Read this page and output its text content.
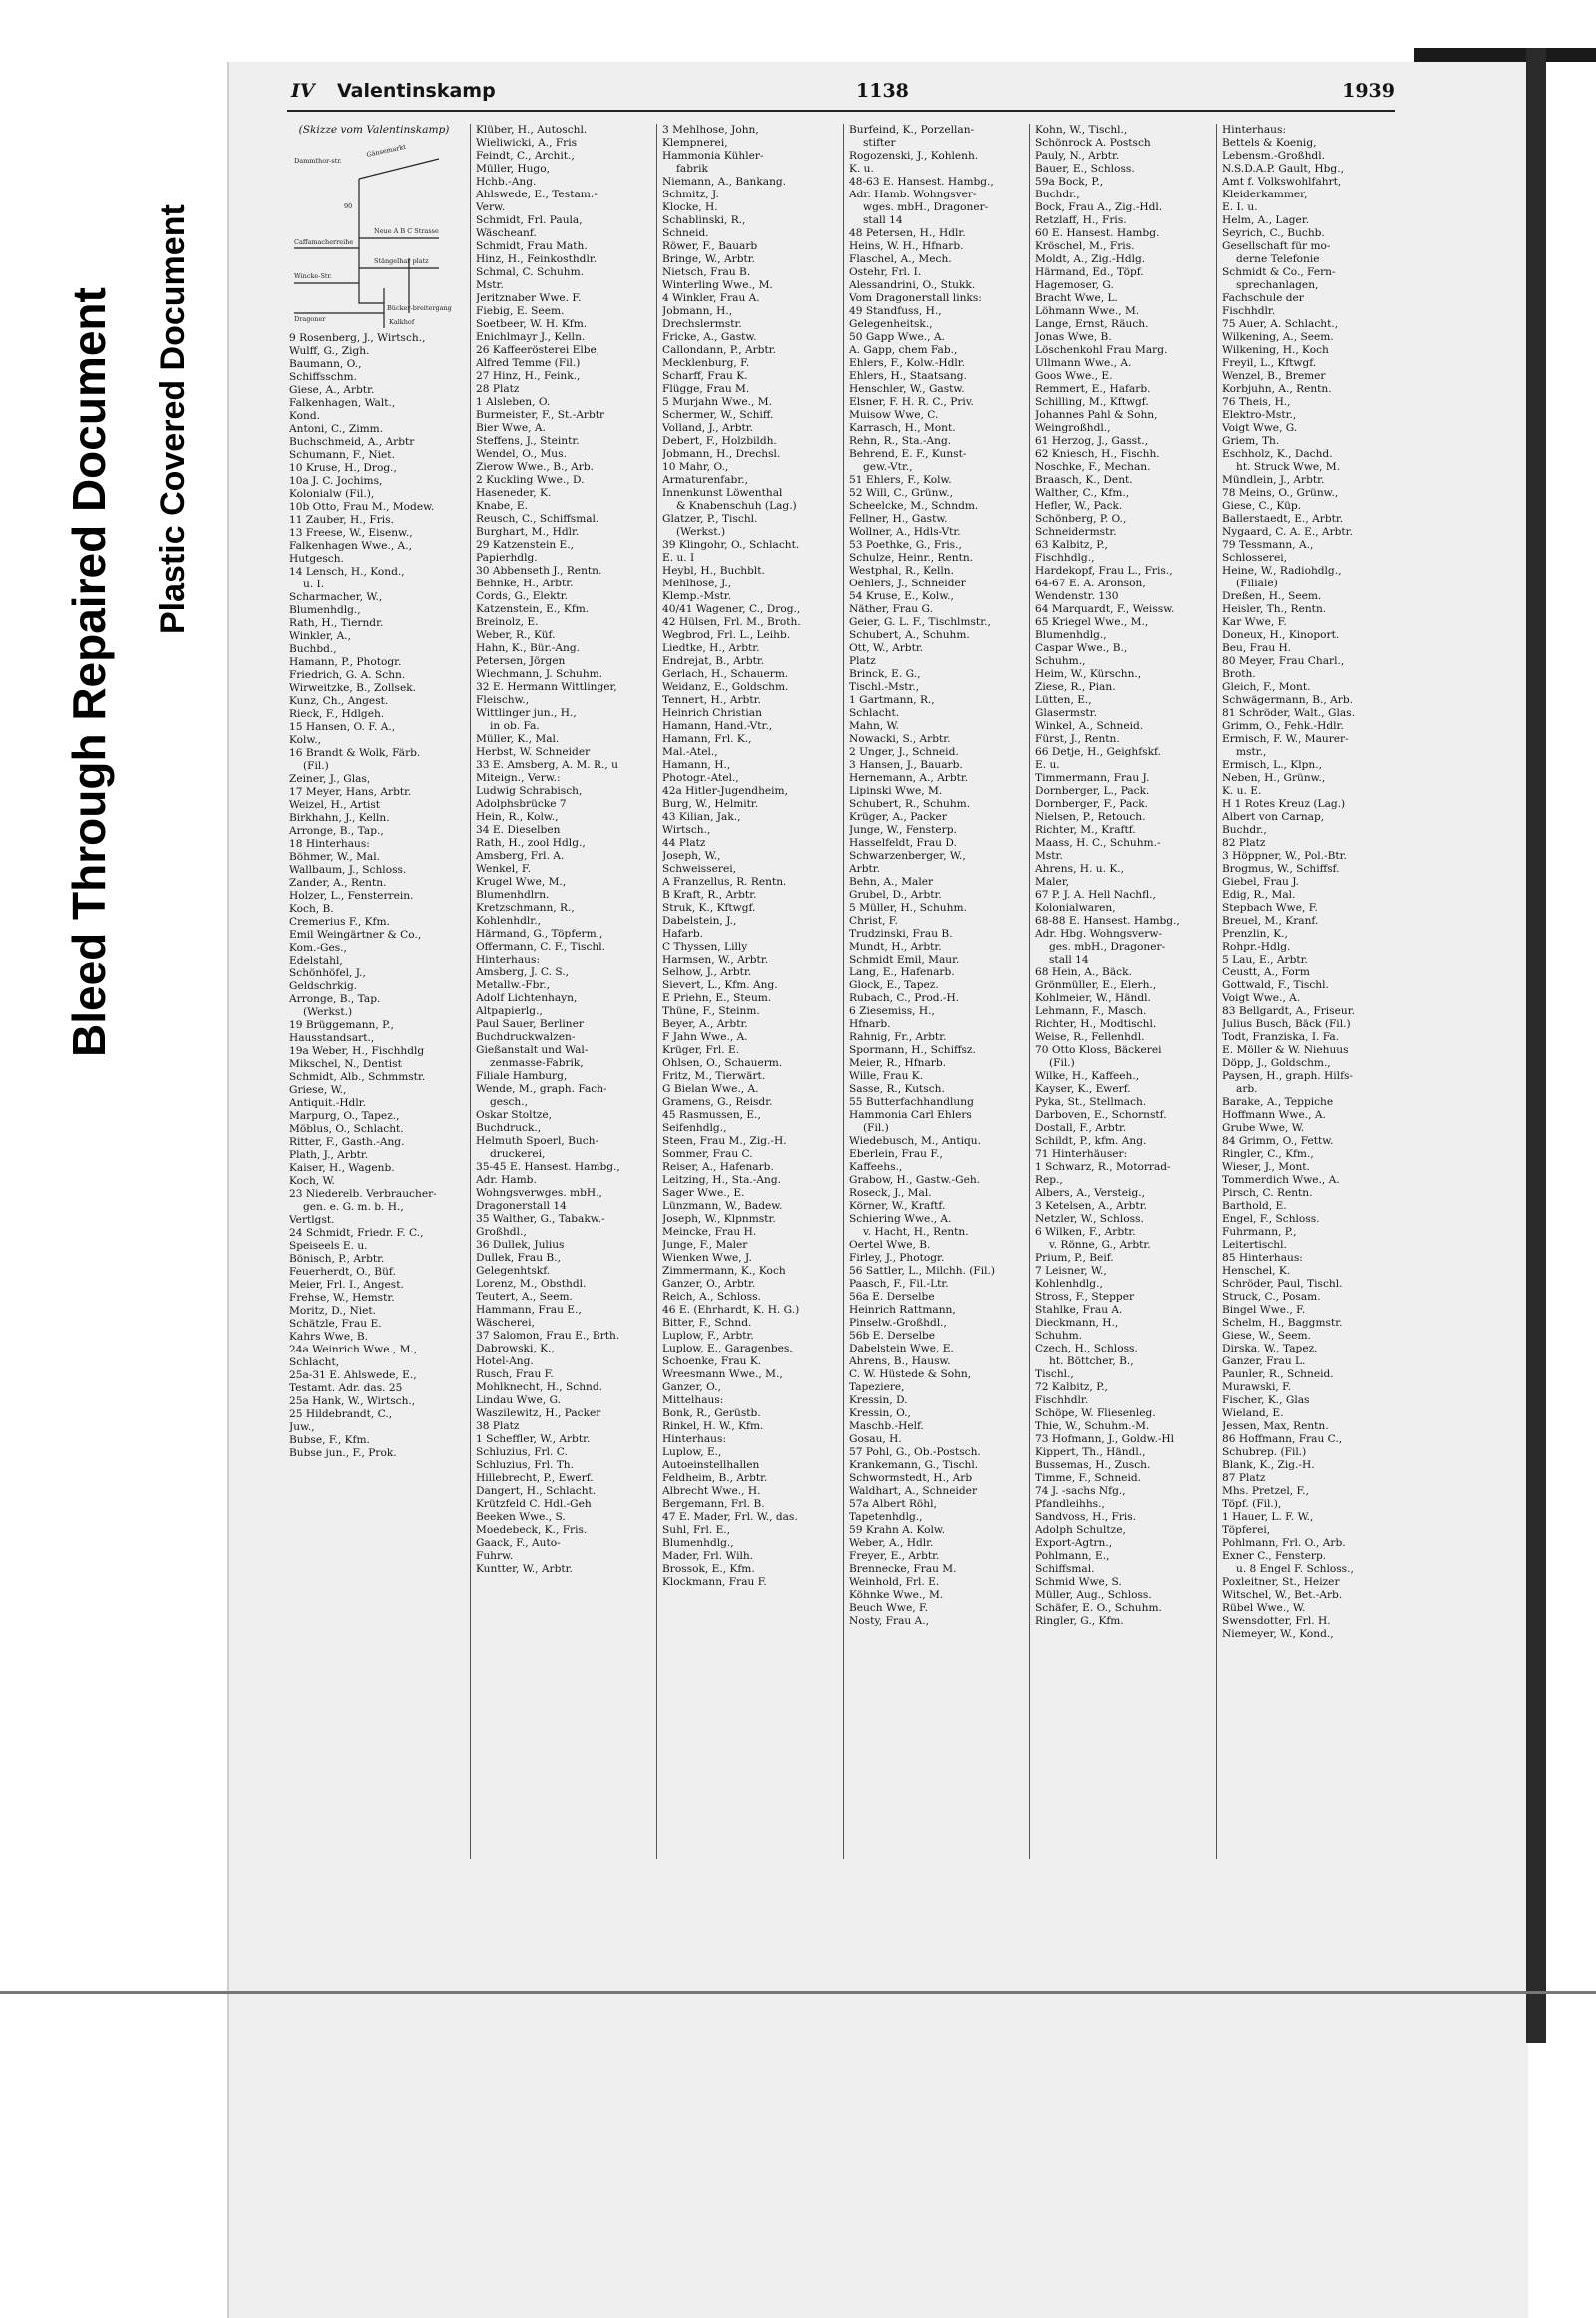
Bleed Through Repaired Document Plastic Covered Document
IV Valentinskamp	1138	1939
(Skizze vom Valentinskamp)
Dammthor-str.
Gänsemarkt
90
Neue A B C Strasse
Stängelhar platz
Caffamacherreihe
Wincke-Str.
Dragoner
Bücker-breitergang
Kalkhof
9 Rosenberg, J., Wirtsch.,
Wulff, G., Zigh.
Baumann, O.,
Schiffsschm.
Giese, A., Arbtr.
Falkenhagen, Walt.,
Kond.
Antoni, C., Zimm.
Buchschmeid, A., Arbtr
Schumann, F., Niet.
10 Kruse, H., Drog.,
10a J. C. Jochims,
Kolonialw (Fil.),
10b Otto, Frau M., Modew.
11 Zauber, H., Fris.
13 Freese, W., Eisenw.,
Falkenhagen Wwe., A.,
Hutgesch.
14 Lensch, H., Kond.,
u. I.
Scharmacher, W.,
Blumenhdlg.,
Rath, H., Tierndr.
Winkler, A.,
Buchbd.,
Hamann, P., Photogr.
Friedrich, G. A. Schn.
Wirweitzke, B., Zollsek.
Kunz, Ch., Angest.
Rieck, F., Hdlgeh.
15 Hansen, O. F. A.,
Kolw.,
16 Brandt & Wolk, Färb.
(Fil.)
Zeiner, J., Glas,
17 Meyer, Hans, Arbtr.
Weizel, H., Artist
Birkhahn, J., Kelln.
Arronge, B., Tap.,
18 Hinterhaus:
Böhmer, W., Mal.
Wallbaum, J., Schloss.
Zander, A., Rentn.
Holzer, L., Fensterrein.
Koch, B.
Cremerius F., Kfm.
Emil Weingärtner & Co.,
Kom.-Ges.,
Edelstahl,
Schönhöfel, J.,
Geldschrkig.
Arronge, B., Tap.
(Werkst.)
19 Brüggemann, P.,
Hausstandsart.,
19a Weber, H., Fischhdlg
Mikschel, N., Dentist
Schmidt, Alb., Schmmstr.
Griese, W.,
Antiquit.-Hdlr.
Marpurg, O., Tapez.,
Möblus, O., Schlacht.
Ritter, F., Gasth.-Ang.
Plath, J., Arbtr.
Kaiser, H., Wagenb.
Koch, W.
23 Niederelb. Verbraucher-
gen. e. G. m. b. H.,
Vertlgst.
24 Schmidt, Friedr. F. C.,
Speiseels E. u.
Bönisch, P., Arbtr.
Feuerherdt, O., Büf.
Meier, Frl. I., Angest.
Frehse, W., Hemstr.
Moritz, D., Niet.
Schätzle, Frau E.
Kahrs Wwe, B.
24a Weinrich Wwe., M.,
Schlacht,
25a-31 E. Ahlswede, E.,
Testamt. Adr. das. 25
25a Hank, W., Wirtsch.,
25 Hildebrandt, C.,
Juw.,
Bubse, F., Kfm.
Bubse jun., F., Prok.
Klüber, H., Autoschl.
Wieliwicki, A., Fris
Feindt, C., Archit.,
Müller, Hugo,
Hchb.-Ang.
Ahlswede, E., Testam.-
Verw.
Schmidt, Frl. Paula,
Wäscheanf.
Schmidt, Frau Math.
Hinz, H., Feinkosthdlr.
Schmal, C. Schuhm.
Mstr.
Jeritznaber Wwe. F.
Fiebig, E. Seem.
Soetbeer, W. H. Kfm.
Enichlmayr J., Kelln.
26 Kaffeerösterei Elbe,
Alfred Temme (Fil.)
27 Hinz, H., Feink.,
28 Platz
1 Alsleben, O.
Burmeister, F., St.-Arbtr
Bier Wwe, A.
Steffens, J., Steintr.
Wendel, O., Mus.
Zierow Wwe., B., Arb.
2 Kuckling Wwe., D.
Haseneder, K.
Knabe, E.
Reusch, C., Schiffsmal.
Burghart, M., Hdlr.
29 Katzenstein E.,
Papierhdlg.
30 Abbenseth J., Rentn.
Behnke, H., Arbtr.
Cords, G., Elektr.
Katzenstein, E., Kfm.
Breinolz, E.
Weber, R., Küf.
Hahn, K., Bür.-Ang.
Petersen, Jörgen
Wiechmann, J. Schuhm.
32 E. Hermann Wittlinger,
Fleischw.,
Wittlinger jun., H.,
in ob. Fa.
Müller, K., Mal.
Herbst, W. Schneider
33 E. Amsberg, A. M. R., u
Miteign., Verw.:
Ludwig Schrabisch,
Adolphsbrücke 7
Hein, R., Kolw.,
34 E. Dieselben
Rath, H., zool Hdlg.,
Amsberg, Frl. A.
Wenkel, F.
Krugel Wwe, M.,
Blumenhdlrn.
Kretzschmann, R.,
Kohlenhdlr.,
Härmand, G., Töpferm.,
Offermann, C. F., Tischl.
Hinterhaus:
Amsberg, J. C. S.,
Metallw.-Fbr.,
Adolf Lichtenhayn,
Altpapierlg.,
Paul Sauer, Berliner
Buchdruckwalzen-
Gießanstalt und Wal-
zenmasse-Fabrik,
Filiale Hamburg,
Wende, M., graph. Fach-
gesch.,
Oskar Stoltze,
Buchdruck.,
Helmuth Spoerl, Buch-
druckerei,
35-45 E. Hansest. Hambg.,
Adr. Hamb.
Wohngsverwges. mbH.,
Dragonerstall 14
35 Walther, G., Tabakw.-
Großhdl.,
36 Dullek, Julius
Dullek, Frau B.,
Gelegenhtskf.
Lorenz, M., Obsthdl.
Teutert, A., Seem.
Hammann, Frau E.,
Wäscherei,
37 Salomon, Frau E., Brth.
Dabrowski, K.,
Hotel-Ang.
Rusch, Frau F.
Mohlknecht, H., Schnd.
Lindau Wwe, G.
Waszilewitz, H., Packer
38 Platz
1 Scheffler, W., Arbtr.
Schluzius, Frl. C.
Schluzius, Frl. Th.
Hillebrecht, P., Ewerf.
Dangert, H., Schlacht.
Krützfeld C. Hdl.-Geh
Beeken Wwe., S.
Moedebeck, K., Fris.
Gaack, F., Auto-
Fuhrw.
Kuntter, W., Arbtr.
3 Mehlhose, John,
Klempnerei,
Hammonia Kühler-
fabrik
Niemann, A., Bankang.
Schmitz, J.
Klocke, H.
Schablinski, R.,
Schneid.
Röwer, F., Bauarb
Bringe, W., Arbtr.
Nietsch, Frau B.
Winterling Wwe., M.
4 Winkler, Frau A.
Jobmann, H.,
Drechslermstr.
Fricke, A., Gastw.
Callondann, P., Arbtr.
Mecklenburg, F.
Scharff, Frau K.
Flügge, Frau M.
5 Murjahn Wwe., M.
Schermer, W., Schiff.
Volland, J., Arbtr.
Debert, F., Holzbildh.
Jobmann, H., Drechsl.
10 Mahr, O.,
Armaturenfabr.,
Innenkunst Löwenthal
& Knabenschuh (Lag.)
Glatzer, P., Tischl.
(Werkst.)
39 Klingohr, O., Schlacht.
E. u. I
Heybl, H., Buchblt.
Mehlhose, J.,
Klemp.-Mstr.
40/41 Wagener, C., Drog.,
42 Hülsen, Frl. M., Broth.
Wegbrod, Frl. L., Leihb.
Liedtke, H., Arbtr.
Endrejat, B., Arbtr.
Gerlach, H., Schauerm.
Weidanz, E., Goldschm.
Tennert, H., Arbtr.
Heinrich Christian
Hamann, Hand.-Vtr.,
Hamann, Frl. K.,
Mal.-Atel.,
Hamann, H.,
Photogr.-Atel.,
42a Hitler-Jugendheim,
Burg, W., Helmitr.
43 Kilian, Jak.,
Wirtsch.,
44 Platz
Joseph, W.,
Schweisserei,
A Franzellus, R. Rentn.
B Kraft, R., Arbtr.
Struk, K., Kftwgf.
Dabelstein, J.,
Hafarb.
C Thyssen, Lilly
Harmsen, W., Arbtr.
Selhow, J., Arbtr.
Sievert, L., Kfm. Ang.
E Priehn, E., Steum.
Thüne, F., Steinm.
Beyer, A., Arbtr.
F Jahn Wwe., A.
Krüger, Frl. E.
Ohlsen, O., Schauerm.
Fritz, M., Tierwärt.
G Bielan Wwe., A.
Gramens, G., Reisdr.
45 Rasmussen, E.,
Seifenhdlg.,
Steen, Frau M., Zig.-H.
Sommer, Frau C.
Reiser, A., Hafenarb.
Leitzing, H., Sta.-Ang.
Sager Wwe., E.
Lünzmann, W., Badew.
Joseph, W., Klpnmstr.
Meincke, Frau H.
Junge, F., Maler
Wienken Wwe, J.
Zimmermann, K., Koch
Ganzer, O., Arbtr.
Reich, A., Schloss.
46 E. (Ehrhardt, K. H. G.)
Bitter, F., Schnd.
Luplow, F., Arbtr.
Luplow, E., Garagenbes.
Schoenke, Frau K.
Wreesmann Wwe., M.,
Ganzer, O.,
Mittelhaus:
Bonk, R., Gerüstb.
Rinkel, H. W., Kfm.
Hinterhaus:
Luplow, E.,
Autoeinstellhallen
Feldheim, B., Arbtr.
Albrecht Wwe., H.
Bergemann, Frl. B.
47 E. Mader, Frl. W., das.
Suhl, Frl. E.,
Blumenhdlg.,
Mader, Frl. Wilh.
Brossok, E., Kfm.
Klockmann, Frau F.
Burfeind, K., Porzellan-
stifter
Rogozenski, J., Kohlenh.
K. u.
48-63 E. Hansest. Hambg.,
Adr. Hamb. Wohngsver-
wges. mbH., Dragoner-
stall 14
48 Petersen, H., Hdlr.
Heins, W. H., Hfnarb.
Flaschel, A., Mech.
Ostehr, Frl. I.
Alessandrini, O., Stukk.
Vom Dragonerstall links:
49 Standfuss, H.,
Gelegenheitsk.,
50 Gapp Wwe., A.
A. Gapp, chem Fab.,
Ehlers, F., Kolw.-Hdlr.
Ehlers, H., Staatsang.
Henschler, W., Gastw.
Elsner, F. H. R. C., Priv.
Muisow Wwe, C.
Karrasch, H., Mont.
Rehn, R., Sta.-Ang.
Behrend, E. F., Kunst-
gew.-Vtr.,
51 Ehlers, F., Kolw.
52 Will, C., Grünw.,
Scheelcke, M., Schndm.
Fellner, H., Gastw.
Wollner, A., Hdls-Vtr.
53 Poethke, G., Fris.,
Schulze, Heinr., Rentn.
Westphal, R., Kelln.
Oehlers, J., Schneider
54 Kruse, E., Kolw.,
Näther, Frau G.
Geier, G. L. F., Tischlmstr.,
Schubert, A., Schuhm.
Ott, W., Arbtr.
Platz
Brinck, E. G.,
Tischl.-Mstr.,
1 Gartmann, R.,
Schlacht.
Mahn, W.
Nowacki, S., Arbtr.
2 Unger, J., Schneid.
3 Hansen, J., Bauarb.
Hernemann, A., Arbtr.
Lipinski Wwe, M.
Schubert, R., Schuhm.
Krüger, A., Packer
Junge, W., Fensterp.
Hasselfeldt, Frau D.
Schwarzenberger, W.,
Arbtr.
Behn, A., Maler
Grubel, D., Arbtr.
5 Müller, H., Schuhm.
Christ, F.
Trudzinski, Frau B.
Mundt, H., Arbtr.
Schmidt Emil, Maur.
Lang, E., Hafenarb.
Glock, E., Tapez.
Rubach, C., Prod.-H.
6 Ziesemiss, H.,
Hfnarb.
Rahnig, Fr., Arbtr.
Spormann, H., Schiffsz.
Meier, R., Hfnarb.
Wille, Frau K.
Sasse, R., Kutsch.
55 Butterfachhandlung
Hammonia Carl Ehlers
(Fil.)
Wiedebusch, M., Antiqu.
Eberlein, Frau F.,
Kaffeehs.,
Grabow, H., Gastw.-Geh.
Roseck, J., Mal.
Körner, W., Kraftf.
Schiering Wwe., A.
v. Hacht, H., Rentn.
Oertel Wwe, B.
Firley, J., Photogr.
56 Sattler, L., Milchh. (Fil.)
Paasch, F., Fil.-Ltr.
56a E. Derselbe
Heinrich Rattmann,
Pinselw.-Großhdl.,
56b E. Derselbe
Dabelstein Wwe, E.
Ahrens, B., Hausw.
C. W. Hüstede & Sohn,
Tapeziere,
Kressin, D.
Kressin, O.,
Maschb.-Helf.
Gosau, H.
57 Pohl, G., Ob.-Postsch.
Krankemann, G., Tischl.
Schwormstedt, H., Arb
Waldhart, A., Schneider
57a Albert Röhl,
Tapetenhdlg.,
59 Krahn A. Kolw.
Weber, A., Hdlr.
Freyer, E., Arbtr.
Brennecke, Frau M.
Weinhold, Frl. E.
Köhnke Wwe., M.
Beuch Wwe, F.
Nosty, Frau A.,
Kohn, W., Tischl.,
Schönrock A. Postsch
Pauly, N., Arbtr.
Bauer, E., Schloss.
59a Bock, P.,
Buchdr.,
Bock, Frau A., Zig.-Hdl.
Retzlaff, H., Fris.
60 E. Hansest. Hambg.
Kröschel, M., Fris.
Moldt, A., Zig.-Hdlg.
Härmand, Ed., Töpf.
Hagemoser, G.
Bracht Wwe, L.
Löhmann Wwe., M.
Lange, Ernst, Räuch.
Jonas Wwe, B.
Löschenkohl Frau Marg.
Ullmann Wwe., A.
Goos Wwe., E.
Remmert, E., Hafarb.
Schilling, M., Kftwgf.
Johannes Pahl & Sohn,
Weingroßhdl.,
61 Herzog, J., Gasst.,
62 Kniesch, H., Fischh.
Noschke, F., Mechan.
Braasch, K., Dent.
Walther, C., Kfm.,
Hefler, W., Pack.
Schönberg, P. O.,
Schneidermstr.
63 Kalbitz, P.,
Fischhdlg.,
Hardekopf, Frau L., Fris.,
64-67 E. A. Aronson,
Wendenstr. 130
64 Marquardt, F., Weissw.
65 Kriegel Wwe., M.,
Blumenhdlg.,
Caspar Wwe., B.,
Schuhm.,
Heim, W., Kürschn.,
Ziese, R., Pian.
Lütten, E.,
Glasermstr.
Winkel, A., Schneid.
Fürst, J., Rentn.
66 Detje, H., Geighfskf.
E. u.
Timmermann, Frau J.
Dornberger, L., Pack.
Dornberger, F., Pack.
Nielsen, P., Retouch.
Richter, M., Kraftf.
Maass, H. C., Schuhm.-
Mstr.
Ahrens, H. u. K.,
Maler,
67 P. J. A. Hell Nachfl.,
Kolonialwaren,
68-88 E. Hansest. Hambg.,
Adr. Hbg. Wohngsverw-
ges. mbH., Dragoner-
stall 14
68 Hein, A., Bäck.
Grönmüller, E., Elerh.,
Kohlmeier, W., Händl.
Lehmann, F., Masch.
Richter, H., Modtischl.
Weise, R., Fellenhdl.
70 Otto Kloss, Bäckerei
(Fil.)
Wilke, H., Kaffeeh.,
Kayser, K., Ewerf.
Pyka, St., Stellmach.
Darboven, E., Schornstf.
Dostall, F., Arbtr.
Schildt, P., kfm. Ang.
71 Hinterhäuser:
1 Schwarz, R., Motorrad-
Rep.,
Albers, A., Versteig.,
3 Ketelsen, A., Arbtr.
Netzler, W., Schloss.
6 Wilken, F., Arbtr.
v. Rönne, G., Arbtr.
Prium, P., Beif.
7 Leisner, W.,
Kohlenhdlg.,
Stross, F., Stepper
Stahlke, Frau A.
Dieckmann, H.,
Schuhm.
Czech, H., Schloss.
ht. Böttcher, B.,
Tischl.,
72 Kalbitz, P.,
Fischhdlr.
Schöpe, W. Fliesenleg.
Thie, W., Schuhm.-M.
73 Hofmann, J., Goldw.-Hl
Kippert, Th., Händl.,
Bussemas, H., Zusch.
Timme, F., Schneid.
74 J. -sachs Nfg.,
Pfandleihhs.,
Sandvoss, H., Fris.
Adolph Schultze,
Export-Agtrn.,
Pohlmann, E.,
Schiffsmal.
Schmid Wwe, S.
Müller, Aug., Schloss.
Schäfer, E. O., Schuhm.
Ringler, G., Kfm.
Hinterhaus:
Bettels & Koenig,
Lebensm.-Großhdl.
N.S.D.A.P. Gault, Hbg.,
Amt f. Volkswohlfahrt,
Kleiderkammer,
E. I. u.
Helm, A., Lager.
Seyrich, C., Buchb.
Gesellschaft für mo-
derne Telefonie
Schmidt & Co., Fern-
sprechanlagen,
Fachschule der
Fischhdlr.
75 Auer, A. Schlacht.,
Wilkening, A., Seem.
Wilkening, H., Koch
Freyil, L., Kftwgf.
Wenzel, B., Bremer
Korbjuhn, A., Rentn.
76 Theis, H.,
Elektro-Mstr.,
Voigt Wwe, G.
Griem, Th.
Eschholz, K., Dachd.
ht. Struck Wwe, M.
Mündlein, J., Arbtr.
78 Meins, O., Grünw.,
Giese, C., Küp.
Ballerstaedt, E., Arbtr.
Nygaard, C. A. E., Arbtr.
79 Tessmann, A.,
Schlosserei,
Heine, W., Radiohdlg.,
(Filiale)
Dreßen, H., Seem.
Heisler, Th., Rentn.
Kar Wwe, F.
Doneux, H., Kinoport.
Beu, Frau H.
80 Meyer, Frau Charl.,
Broth.
Gleich, F., Mont.
Schwägermann, B., Arb.
81 Schröder, Walt., Glas.
Grimm, O., Fehk.-Hdlr.
Ermisch, F. W., Maurer-
mstr.,
Ermisch, L., Klpn.,
Neben, H., Grünw.,
K. u. E.
H 1 Rotes Kreuz (Lag.)
Albert von Carnap,
Buchdr.,
82 Platz
3 Höppner, W., Pol.-Btr.
Brogmus, W., Schiffsf.
Giebel, Frau J.
Edig, R., Mal.
Stepbach Wwe, F.
Breuel, M., Kranf.
Prenzlin, K.,
Rohpr.-Hdlg.
5 Lau, E., Arbtr.
Ceustt, A., Form
Gottwald, F., Tischl.
Voigt Wwe., A.
83 Bellgardt, A., Friseur.
Julius Busch, Bäck (Fil.)
Todt, Franziska, I. Fa.
E. Möller & W. Niehuus
Döpp, J., Goldschm.,
Paysen, H., graph. Hilfs-
arb.
Barake, A., Teppiche
Hoffmann Wwe., A.
Grube Wwe, W.
84 Grimm, O., Fettw.
Ringler, C., Kfm.,
Wieser, J., Mont.
Tommerdich Wwe., A.
Pirsch, C. Rentn.
Barthold, E.
Engel, F., Schloss.
Fuhrmann, P.,
Leitertischl.
85 Hinterhaus:
Henschel, K.
Schröder, Paul, Tischl.
Struck, C., Posam.
Bingel Wwe., F.
Schelm, H., Baggmstr.
Giese, W., Seem.
Dirska, W., Tapez.
Ganzer, Frau L.
Paunler, R., Schneid.
Murawski, F.
Fischer, K., Glas
Wieland, E.
Jessen, Max, Rentn.
86 Hoffmann, Frau C.,
Schubrep. (Fil.)
Blank, K., Zig.-H.
87 Platz
Mhs. Pretzel, F.,
Töpf. (Fil.),
1 Hauer, L. F. W.,
Töpferei,
Pohlmann, Frl. O., Arb.
Exner C., Fensterp.
u. 8 Engel F. Schloss.,
Poxleitner, St., Heizer
Witschel, W., Bet.-Arb.
Rübel Wwe., W.
Swensdotter, Frl. H.
Niemeyer, W., Kond.,
